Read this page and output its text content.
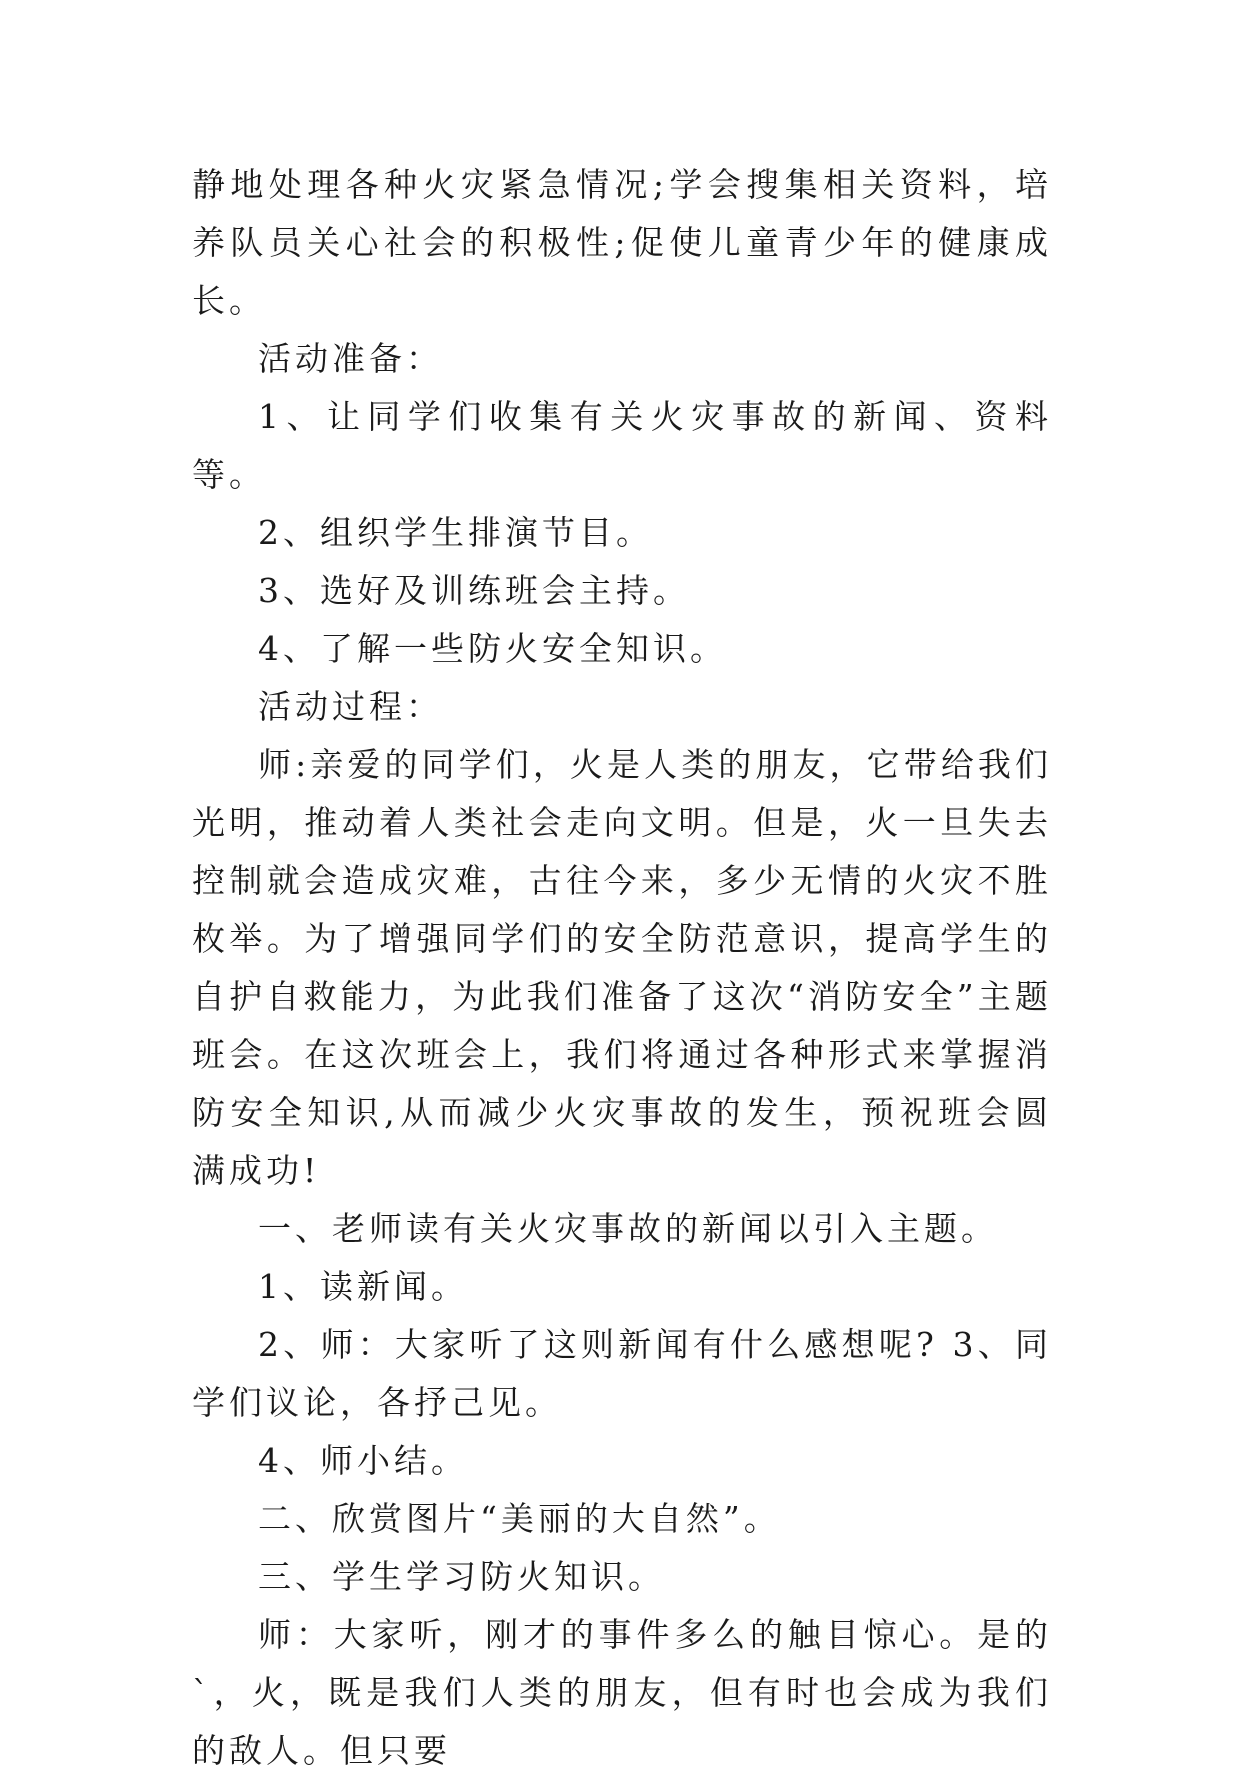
静地处理各种火灾紧急情况;学会搜集相关资料，培养队员关心社会的积极性;促使儿童青少年的健康成长。

活动准备：

1、让同学们收集有关火灾事故的新闻、资料等。

2、组织学生排演节目。

3、选好及训练班会主持。

4、了解一些防火安全知识。

活动过程：

师:亲爱的同学们，火是人类的朋友，它带给我们光明，推动着人类社会走向文明。但是，火一旦失去控制就会造成灾难，古往今来，多少无情的火灾不胜枚举。为了增强同学们的安全防范意识，提高学生的自护自救能力，为此我们准备了这次“消防安全”主题班会。在这次班会上，我们将通过各种形式来掌握消防安全知识,从而减少火灾事故的发生，预祝班会圆满成功!

一、老师读有关火灾事故的新闻以引入主题。

1、读新闻。

2、师：大家听了这则新闻有什么感想呢? 3、同学们议论，各抒己见。

4、师小结。

二、欣赏图片“美丽的大自然”。

三、学生学习防火知识。

师：大家听，刚才的事件多么的触目惊心。是的`，火，既是我们人类的朋友，但有时也会成为我们的敌人。但只要
